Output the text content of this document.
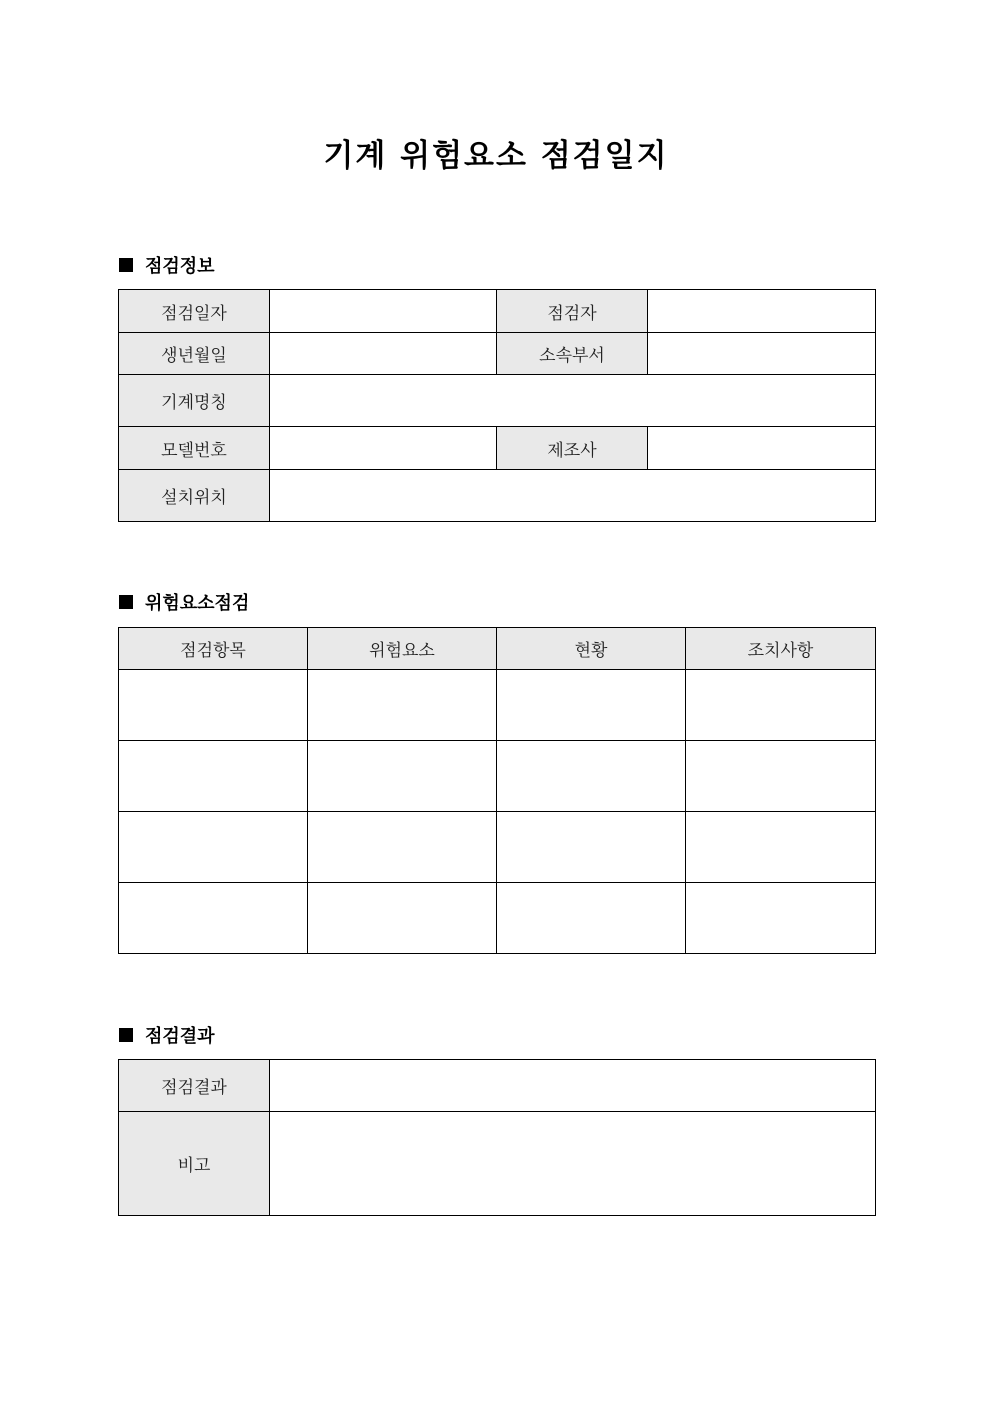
기계 위험요소 점검일지
점검정보
점검일자		점검자	
생년월일		소속부서	
기계명칭			
모델번호		제조사	
설치위치			
위험요소점검
점검항목	위험요소	현황	조치사항

점검결과
점검결과	
비고	
